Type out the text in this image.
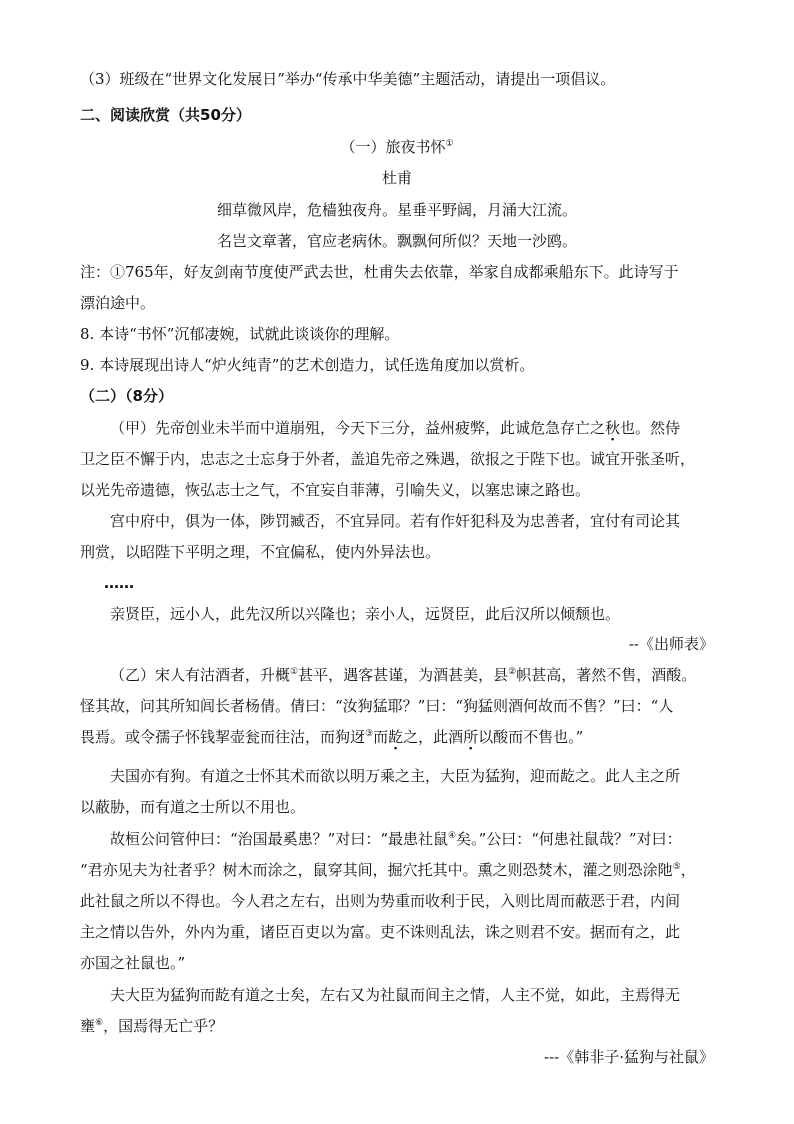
（3）班级在“世界文化发展日”举办“传承中华美德”主题活动，请提出一项倡议。
二、阅读欣赏（共50分）
（一）旅夜书怀①
杜甫
细草微风岸，危樯独夜舟。星垂平野阔，月涌大江流。
名岂文章著，官应老病休。飘飘何所似？天地一沙鸥。
注：①765年，好友剑南节度使严武去世，杜甫失去依靠，举家自成都乘船东下。此诗写于
漂泊途中。
8. 本诗“书怀”沉郁凄婉，试就此谈谈你的理解。
9. 本诗展现出诗人“炉火纯青”的艺术创造力，试任选角度加以赏析。
（二）（8分）
（甲）先帝创业未半而中道崩殂，今天下三分，益州疲弊，此诚危急存亡之秋也。然侍
卫之臣不懈于内，忠志之士忘身于外者，盖追先帝之殊遇，欲报之于陛下也。诚宜开张圣听，
以光先帝遗德，恢弘志士之气，不宜妄自菲薄，引喻失义，以塞忠谏之路也。
宫中府中，俱为一体，陟罚臧否，不宜异同。若有作奸犯科及为忠善者，宜付有司论其
刑赏，以昭陛下平明之理，不宜偏私，使内外异法也。
……
亲贤臣，远小人，此先汉所以兴隆也；亲小人，远贤臣，此后汉所以倾颓也。
--《出师表》
（乙）宋人有沽酒者，升概①甚平，遇客甚谨，为酒甚美，县②帜甚高，著然不售，酒酸。
怪其故，问其所知闾长者杨倩。倩曰：“汝狗猛耶？”曰：“狗猛则酒何故而不售？”曰：“人
畏焉。或令孺子怀钱挈壶瓮而往沽，而狗迓③而龁之，此酒所以酸而不售也。”
夫国亦有狗。有道之士怀其术而欲以明万乘之主，大臣为猛狗，迎而龁之。此人主之所
以蔽胁，而有道之士所以不用也。
故桓公问管仲曰：“治国最奚患？”对曰：“最患社鼠④矣。”公曰：“何患社鼠哉？”对曰：
“君亦见夫为社者乎？树木而涂之，鼠穿其间，掘穴托其中。熏之则恐焚木，灌之则恐涂阤⑤，
此社鼠之所以不得也。今人君之左右，出则为势重而收利于民，入则比周而蔽恶于君，内间
主之情以告外，外内为重，诸臣百吏以为富。吏不诛则乱法，诛之则君不安。据而有之，此
亦国之社鼠也。”
夫大臣为猛狗而龁有道之士矣，左右又为社鼠而间主之情，人主不觉，如此，主焉得无
壅⑥，国焉得无亡乎？
---《韩非子·猛狗与社鼠》
